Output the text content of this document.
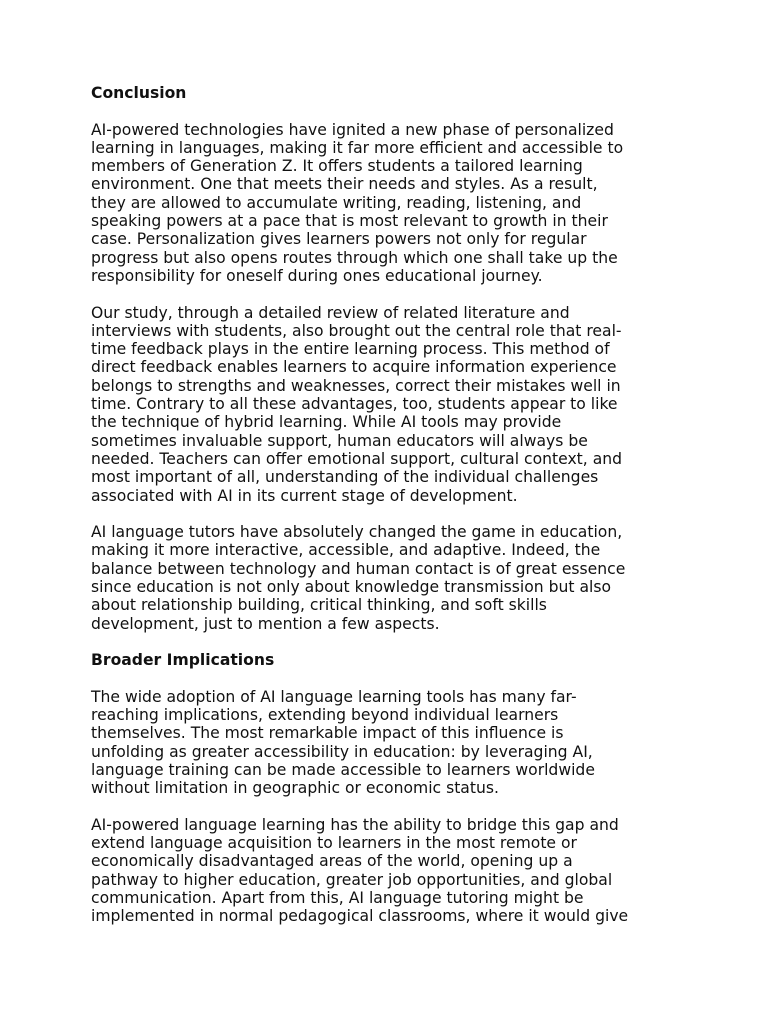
Conclusion

AI-powered technologies have ignited a new phase of personalized
learning in languages, making it far more efficient and accessible to
members of Generation Z. It offers students a tailored learning
environment. One that meets their needs and styles. As a result,
they are allowed to accumulate writing, reading, listening, and
speaking powers at a pace that is most relevant to growth in their
case. Personalization gives learners powers not only for regular
progress but also opens routes through which one shall take up the
responsibility for oneself during ones educational journey.

Our study, through a detailed review of related literature and
interviews with students, also brought out the central role that real-
time feedback plays in the entire learning process. This method of
direct feedback enables learners to acquire information experience
belongs to strengths and weaknesses, correct their mistakes well in
time. Contrary to all these advantages, too, students appear to like
the technique of hybrid learning. While AI tools may provide
sometimes invaluable support, human educators will always be
needed. Teachers can offer emotional support, cultural context, and
most important of all, understanding of the individual challenges
associated with AI in its current stage of development.

AI language tutors have absolutely changed the game in education,
making it more interactive, accessible, and adaptive. Indeed, the
balance between technology and human contact is of great essence
since education is not only about knowledge transmission but also
about relationship building, critical thinking, and soft skills
development, just to mention a few aspects.

Broader Implications

The wide adoption of AI language learning tools has many far-
reaching implications, extending beyond individual learners
themselves. The most remarkable impact of this influence is
unfolding as greater accessibility in education: by leveraging AI,
language training can be made accessible to learners worldwide
without limitation in geographic or economic status.

AI-powered language learning has the ability to bridge this gap and
extend language acquisition to learners in the most remote or
economically disadvantaged areas of the world, opening up a
pathway to higher education, greater job opportunities, and global
communication. Apart from this, AI language tutoring might be
implemented in normal pedagogical classrooms, where it would give
